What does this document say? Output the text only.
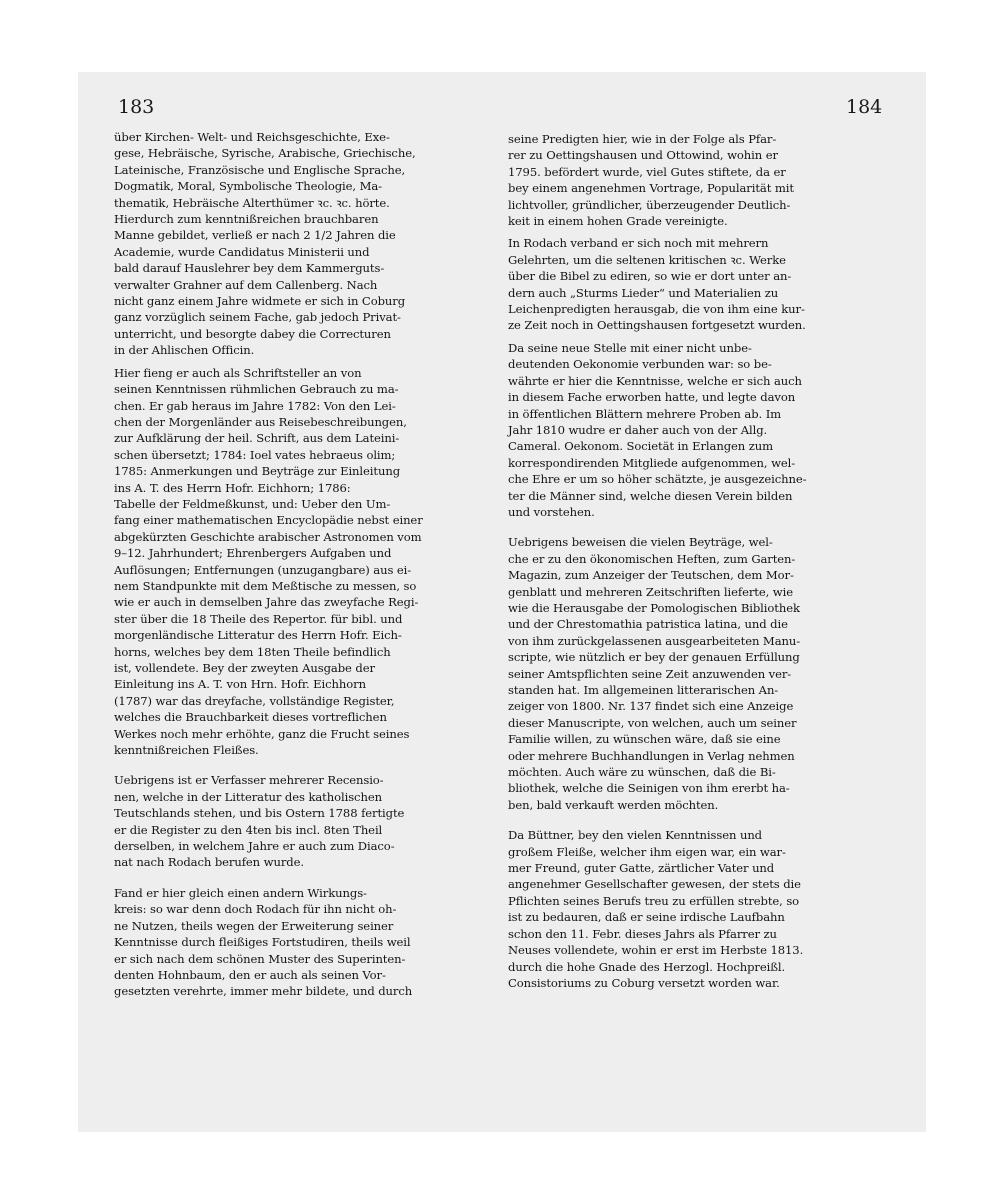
183	184

über Kirchen- Welt- und Reichsgeschichte, Exe-
gese, Hebräische, Syrische, Arabische, Griechische,
Lateinische, Französische und Englische Sprache,
Dogmatik, Moral, Symbolische Theologie, Ma-
thematik, Hebräische Alterthümer ꝛc. ꝛc. hörte.
Hierdurch zum kenntnißreichen brauchbaren
Manne gebildet, verließ er nach 2 1/2 Jahren die
Academie, wurde Candidatus Ministerii und
bald darauf Hauslehrer bey dem Kammerguts-
verwalter Grahner auf dem Callenberg. Nach
nicht ganz einem Jahre widmete er sich in Coburg
ganz vorzüglich seinem Fache, gab jedoch Privat-
unterricht, und besorgte dabey die Correcturen
in der Ahlischen Officin.
Hier fieng er auch als Schriftsteller an von
seinen Kenntnissen rühmlichen Gebrauch zu ma-
chen. Er gab heraus im Jahre 1782: Von den Lei-
chen der Morgenländer aus Reisebeschreibungen,
zur Aufklärung der heil. Schrift, aus dem Lateini-
schen übersetzt; 1784: Ioel vates hebraeus olim;
1785: Anmerkungen und Beyträge zur Einleitung
ins A. T. des Herrn Hofr. Eichhorn; 1786:
Tabelle der Feldmeßkunst, und: Ueber den Um-
fang einer mathematischen Encyclopädie nebst einer
abgekürzten Geschichte arabischer Astronomen vom
9–12. Jahrhundert; Ehrenbergers Aufgaben und
Auflösungen; Entfernungen (unzugangbare) aus ei-
nem Standpunkte mit dem Meßtische zu messen, so
wie er auch in demselben Jahre das zweyfache Regi-
ster über die 18 Theile des Repertor. für bibl. und
morgenländische Litteratur des Herrn Hofr. Eich-
horns, welches bey dem 18ten Theile befindlich
ist, vollendete. Bey der zweyten Ausgabe der
Einleitung ins A. T. von Hrn. Hofr. Eichhorn
(1787) war das dreyfache, vollständige Register,
welches die Brauchbarkeit dieses vortreflichen
Werkes noch mehr erhöhte, ganz die Frucht seines
kenntnißreichen Fleißes.
Uebrigens ist er Verfasser mehrerer Recensio-
nen, welche in der Litteratur des katholischen
Teutschlands stehen, und bis Ostern 1788 fertigte
er die Register zu den 4ten bis incl. 8ten Theil
derselben, in welchem Jahre er auch zum Diaco-
nat nach Rodach berufen wurde.
Fand er hier gleich einen andern Wirkungs-
kreis: so war denn doch Rodach für ihn nicht oh-
ne Nutzen, theils wegen der Erweiterung seiner
Kenntnisse durch fleißiges Fortstudiren, theils weil
er sich nach dem schönen Muster des Superinten-
denten Hohnbaum, den er auch als seinen Vor-
gesetzten verehrte, immer mehr bildete, und durch
seine Predigten hier, wie in der Folge als Pfar-
rer zu Oettingshausen und Ottowind, wohin er
1795. befördert wurde, viel Gutes stiftete, da er
bey einem angenehmen Vortrage, Popularität mit
lichtvoller, gründlicher, überzeugender Deutlich-
keit in einem hohen Grade vereinigte.
In Rodach verband er sich noch mit mehrern
Gelehrten, um die seltenen kritischen ꝛc. Werke
über die Bibel zu ediren, so wie er dort unter an-
dern auch „Sturms Lieder“ und Materialien zu
Leichenpredigten herausgab, die von ihm eine kur-
ze Zeit noch in Oettingshausen fortgesetzt wurden.
Da seine neue Stelle mit einer nicht unbe-
deutenden Oekonomie verbunden war: so be-
währte er hier die Kenntnisse, welche er sich auch
in diesem Fache erworben hatte, und legte davon
in öffentlichen Blättern mehrere Proben ab. Im
Jahr 1810 wudre er daher auch von der Allg.
Cameral. Oekonom. Societät in Erlangen zum
korrespondirenden Mitgliede aufgenommen, wel-
che Ehre er um so höher schätzte, je ausgezeichne-
ter die Männer sind, welche diesen Verein bilden
und vorstehen.
Uebrigens beweisen die vielen Beyträge, wel-
che er zu den ökonomischen Heften, zum Garten-
Magazin, zum Anzeiger der Teutschen, dem Mor-
genblatt und mehreren Zeitschriften lieferte, wie
wie die Herausgabe der Pomologischen Bibliothek
und der Chrestomathia patristica latina, und die
von ihm zurückgelassenen ausgearbeiteten Manu-
scripte, wie nützlich er bey der genauen Erfüllung
seiner Amtspflichten seine Zeit anzuwenden ver-
standen hat. Im allgemeinen litterarischen An-
zeiger von 1800. Nr. 137 findet sich eine Anzeige
dieser Manuscripte, von welchen, auch um seiner
Familie willen, zu wünschen wäre, daß sie eine
oder mehrere Buchhandlungen in Verlag nehmen
möchten. Auch wäre zu wünschen, daß die Bi-
bliothek, welche die Seinigen von ihm ererbt ha-
ben, bald verkauft werden möchten.
Da Büttner, bey den vielen Kenntnissen und
großem Fleiße, welcher ihm eigen war, ein war-
mer Freund, guter Gatte, zärtlicher Vater und
angenehmer Gesellschafter gewesen, der stets die
Pflichten seines Berufs treu zu erfüllen strebte, so
ist zu bedauren, daß er seine irdische Laufbahn
schon den 11. Febr. dieses Jahrs als Pfarrer zu
Neuses vollendete, wohin er erst im Herbste 1813.
durch die hohe Gnade des Herzogl. Hochpreißl.
Consistoriums zu Coburg versetzt worden war.
